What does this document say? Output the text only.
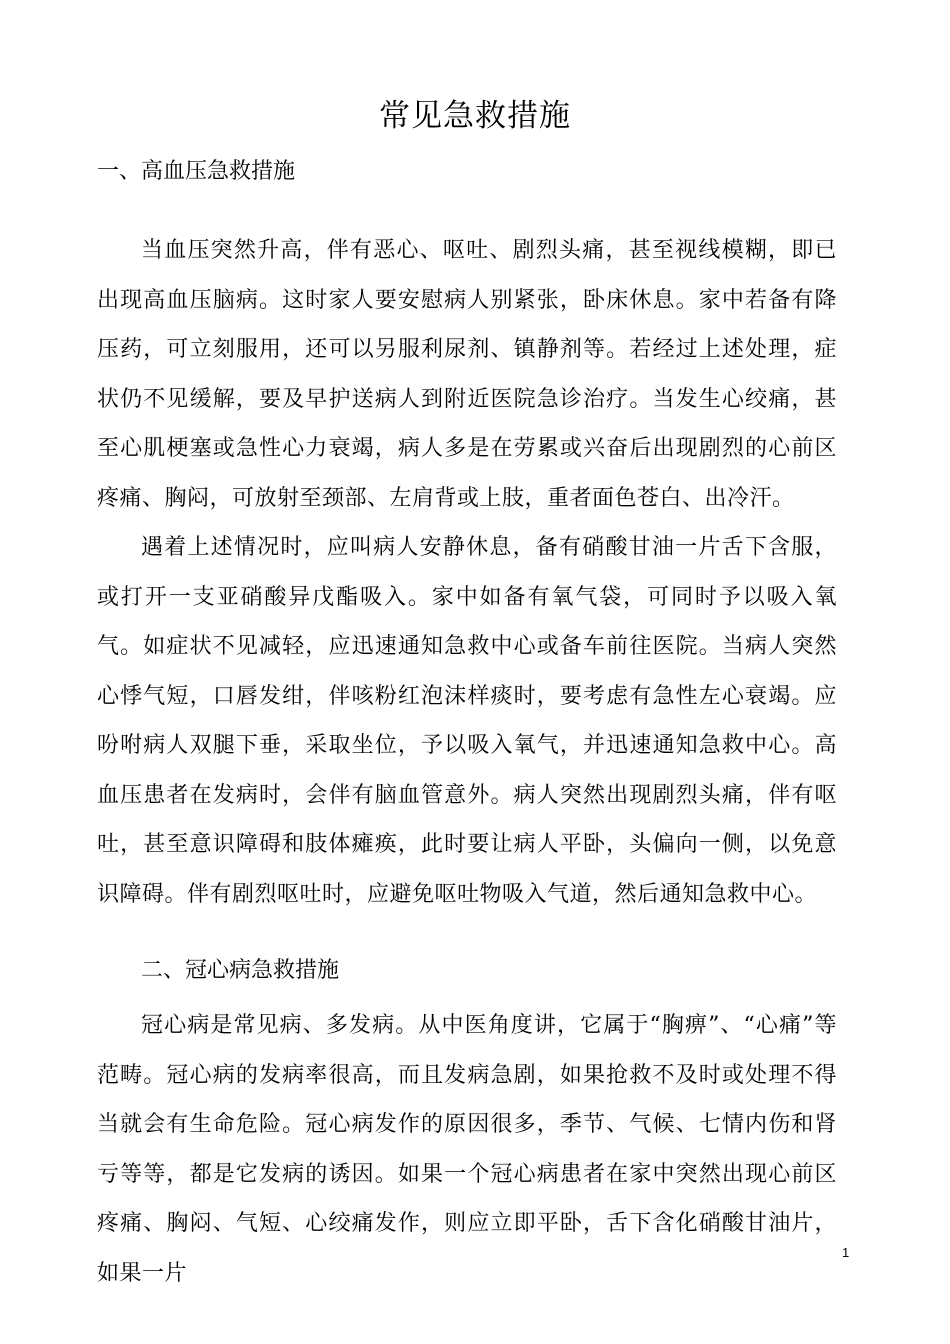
常见急救措施
一、高血压急救措施

当血压突然升高，伴有恶心、呕吐、剧烈头痛，甚至视线模糊，即已出现高血压脑病。这时家人要安慰病人别紧张，卧床休息。家中若备有降压药，可立刻服用，还可以另服利尿剂、镇静剂等。若经过上述处理，症状仍不见缓解，要及早护送病人到附近医院急诊治疗。当发生心绞痛，甚至心肌梗塞或急性心力衰竭，病人多是在劳累或兴奋后出现剧烈的心前区疼痛、胸闷，可放射至颈部、左肩背或上肢，重者面色苍白、出冷汗。

遇着上述情况时，应叫病人安静休息，备有硝酸甘油一片舌下含服，或打开一支亚硝酸异戊酯吸入。家中如备有氧气袋，可同时予以吸入氧气。如症状不见减轻，应迅速通知急救中心或备车前往医院。当病人突然心悸气短，口唇发绀，伴咳粉红泡沫样痰时，要考虑有急性左心衰竭。应吩咐病人双腿下垂，采取坐位，予以吸入氧气，并迅速通知急救中心。高血压患者在发病时，会伴有脑血管意外。病人突然出现剧烈头痛，伴有呕吐，甚至意识障碍和肢体瘫痪，此时要让病人平卧，头偏向一侧，以免意识障碍。伴有剧烈呕吐时，应避免呕吐物吸入气道，然后通知急救中心。

二、冠心病急救措施

冠心病是常见病、多发病。从中医角度讲，它属于“胸痹”、“心痛”等范畴。冠心病的发病率很高，而且发病急剧，如果抢救不及时或处理不得当就会有生命危险。冠心病发作的原因很多，季节、气候、七情内伤和肾亏等等，都是它发病的诱因。如果一个冠心病患者在家中突然出现心前区疼痛、胸闷、气短、心绞痛发作，则应立即平卧，舌下含化硝酸甘油片，如果一片

1
